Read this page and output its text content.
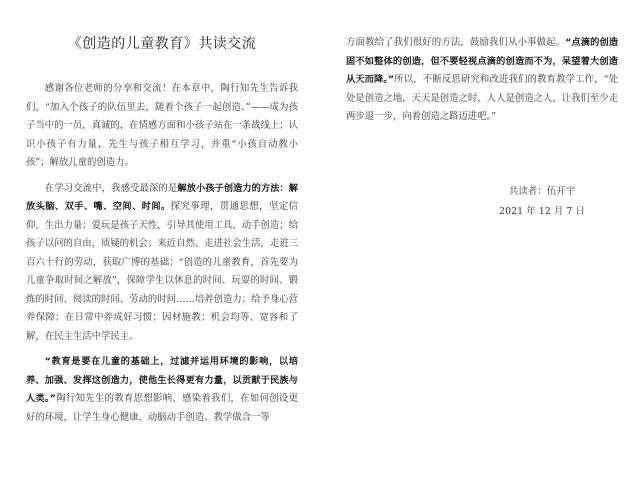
《创造的儿童教育》共读交流

感谢各位老师的分享和交流！在本章中，陶行知先生告诉我们，“加入个孩子的队伍里去，随着个孩子一起创造。”——成为孩子当中的一员，真诚的，在情感方面和小孩子站在一条战线上；认识小孩子有力量，先生与孩子相互学习，并重“小孩自动教小孩”；解放儿童的创造力。

在学习交流中，我感受最深的是解放小孩子创造力的方法：解放头脑、双手、嘴、空间、时间。探究事理，贯通思想，坚定信仰，生出力量；爱玩是孩子天性，引导其使用工具、动手创造；给孩子以问的自由，质疑的机会；来近自然、走进社会生活，走进三百六十行的劳动，获取广博的基础；“创造的儿童教育，首先要为儿童争取时间之解放”，保障学生以休息的时间、玩耍的时间、锻炼的时间、阅读的时间、劳动的时间……培养创造力；给予身心营养保障；在日常中养成好习惯；因材施教；机会均等、宽容和了解，在民主生活中学民主。

“教育是要在儿童的基础上，过滤并运用环境的影响，以培养、加强、发挥这创造力，使他生长得更有力量，以贡献于民族与人类。”陶行知先生的教育思想影响、感染着我们，在如何创设更好的环境，让学生身心健康、动脑动手创造、教学做合一等

方面教给了我们很好的方法，鼓励我们从小事做起。“点滴的创造固不如整体的创造，但不要轻视点滴的创造而不为，呆望着大创造从天而降。”所以，不断反思研究和改进我们的教育教学工作，“处处是创造之地，天天是创造之时，人人是创造之人，让我们至少走两步退一步，向着创造之路迈进吧。”

共读者：伍开宇
2021 年 12 月 7 日
